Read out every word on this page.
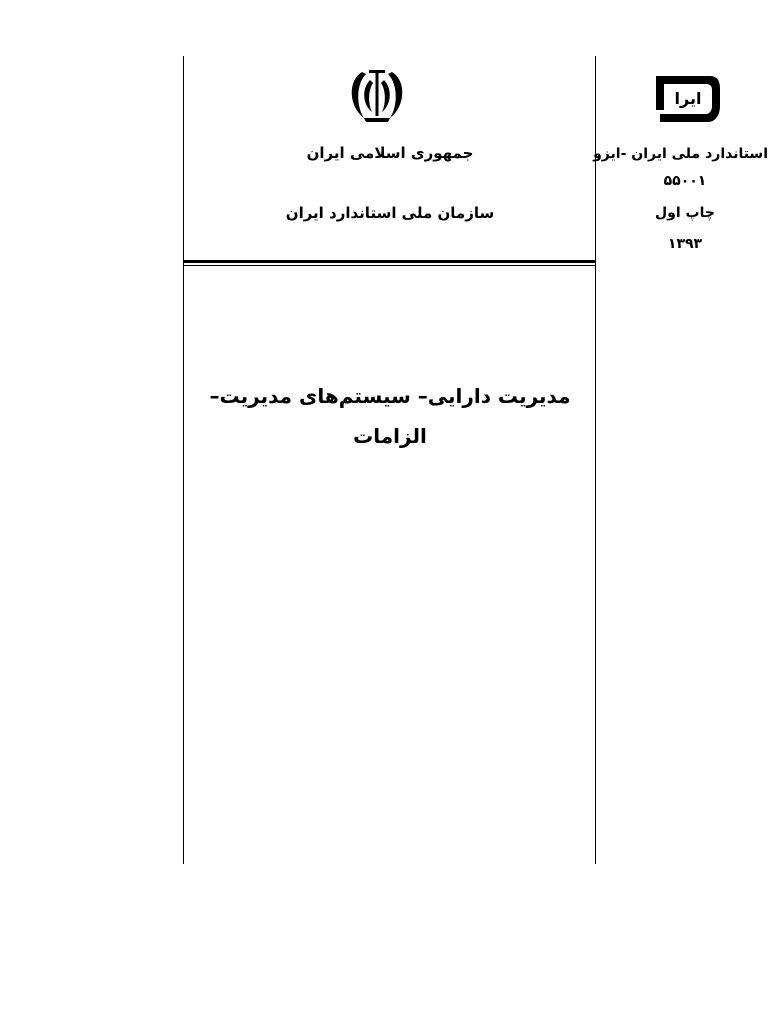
جمهوری اسلامی ایران
سازمان ملی استاندارد ایران
ایرا
استاندارد ملی ایران -ایزو
۵۵۰۰۱
چاپ اول
۱۳۹۳
مدیریت دارایی– سیستم‌های مدیریت–
الزامات
